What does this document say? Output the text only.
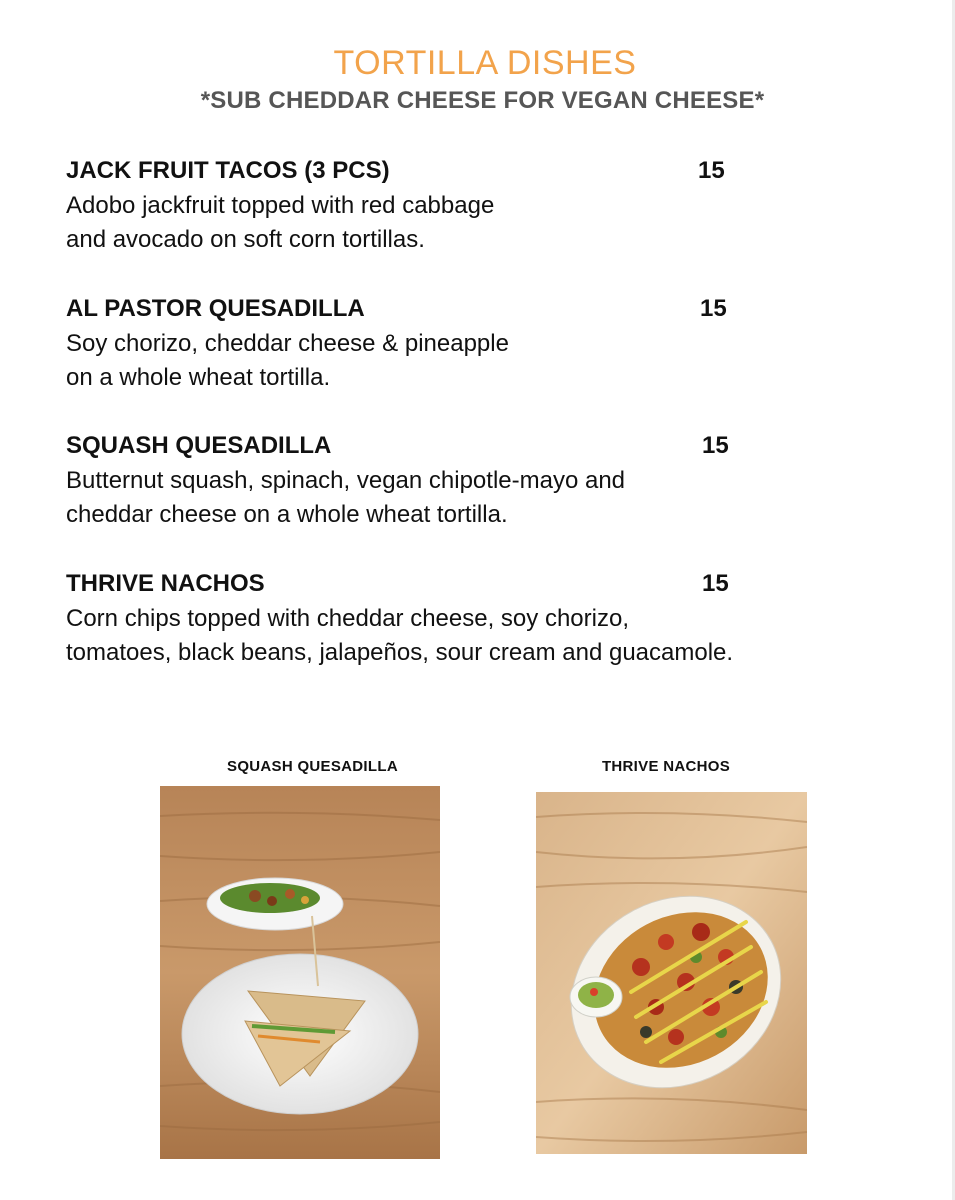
TORTILLA DISHES
*SUB CHEDDAR CHEESE FOR VEGAN CHEESE*
JACK FRUIT TACOS (3 PCS)	15
Adobo jackfruit topped with red cabbage
and avocado on soft corn tortillas.
AL PASTOR QUESADILLA	15
Soy chorizo, cheddar cheese & pineapple
on a whole wheat tortilla.
SQUASH QUESADILLA	15
Butternut squash, spinach, vegan chipotle-mayo and
cheddar cheese on a whole wheat tortilla.
THRIVE NACHOS	15
Corn chips topped with cheddar cheese, soy chorizo,
tomatoes, black beans, jalapeños, sour cream and guacamole.
SQUASH QUESADILLA	THRIVE NACHOS
